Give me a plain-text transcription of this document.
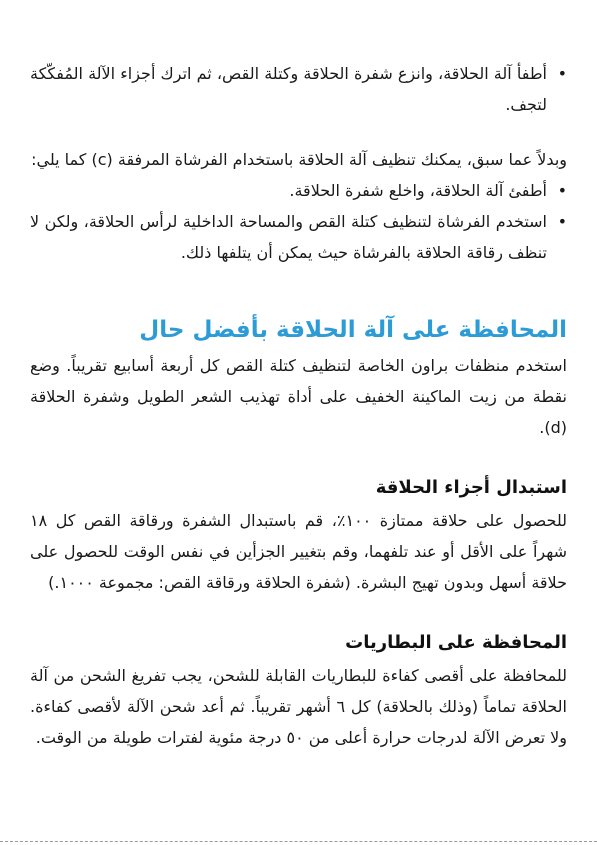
• أطفأ آلة الحلاقة، وانزع شفرة الحلاقة وكتلة القص، ثم اترك أجزاء الآلة المُفكّكة لتجف.

وبدلاً عما سبق، يمكنك تنظيف آلة الحلاقة باستخدام الفرشاة المرفقة (c) كما يلي:

• أطفئ آلة الحلاقة، واخلع شفرة الحلاقة.
• استخدم الفرشاة لتنظيف كتلة القص والمساحة الداخلية لرأس الحلاقة، ولكن لا تنظف رقاقة الحلاقة بالفرشاة حيث يمكن أن يتلفها ذلك.
المحافظة على آلة الحلاقة بأفضل حال

استخدم منظفات براون الخاصة لتنظيف كتلة القص كل أربعة أسابيع تقريباً. وضع نقطة من زيت الماكينة الخفيف على أداة تهذيب الشعر الطويل وشفرة الحلاقة (d).

استبدال أجزاء الحلاقة

للحصول على حلاقة ممتازة ١٠٠٪، قم باستبدال الشفرة ورقاقة القص كل ١٨ شهراً على الأقل أو عند تلفهما، وقم بتغيير الجزأين في نفس الوقت للحصول على حلاقة أسهل وبدون تهيج البشرة. (شفرة الحلاقة ورقاقة القص: مجموعة ١٠٠٠.)

المحافظة على البطاريات

للمحافظة على أقصى كفاءة للبطاريات القابلة للشحن، يجب تفريغ الشحن من آلة الحلاقة تماماً (وذلك بالحلاقة) كل ٦ أشهر تقريباً. ثم أعد شحن الآلة لأقصى كفاءة. ولا تعرض الآلة لدرجات حرارة أعلى من ٥٠ درجة مئوية لفترات طويلة من الوقت.
